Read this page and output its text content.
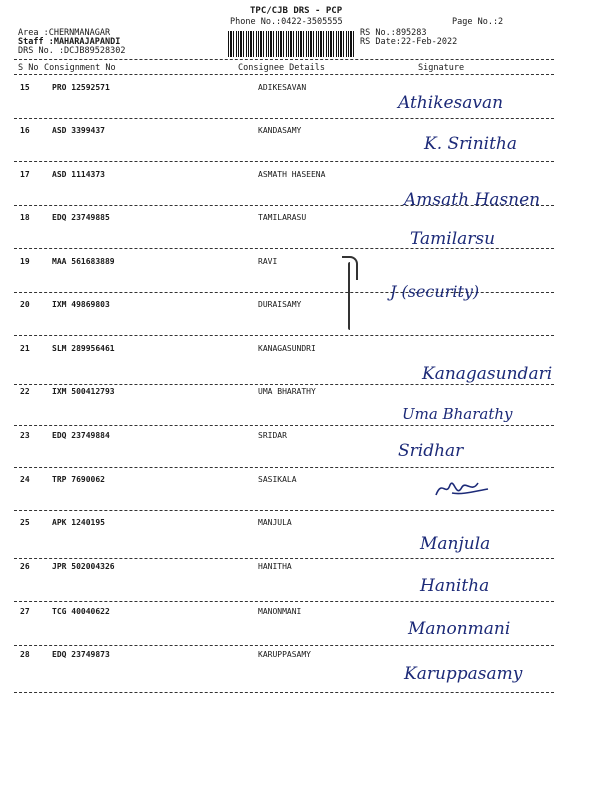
TPC/CJB DRS - PCP
Phone No.:0422-3505555	Page No.:2
Area :CHERNMANAGAR
Staff :MAHARAJAPANDI
DRS No. :DCJB89528302
RS No.:895283
RS Date:22-Feb-2022
S No Consignment No	Consignee Details	Signature
15	PRO 12592571	ADIKESAVAN
Athikesavan
16	ASD 3399437	KANDASAMY
K. Srinitha
17	ASD 1114373	ASMATH HASEENA
Amsath Hasnen
18	EDQ 23749885	TAMILARASU
Tamilarsu
19	MAA 561683889	RAVI
20	IXM 49869803	DURAISAMY
J (security)
21	SLM 289956461	KANAGASUNDRI
Kanagasundari
22	IXM 500412793	UMA BHARATHY
Uma Bharathy
23	EDQ 23749884	SRIDAR
Sridhar
24	TRP 7690062	SASIKALA
25	APK 1240195	MANJULA
Manjula
26	JPR 502004326	HANITHA
Hanitha
27	TCG 40040622	MANONMANI
Manonmani
28	EDQ 23749873	KARUPPASAMY
Karuppasamy
